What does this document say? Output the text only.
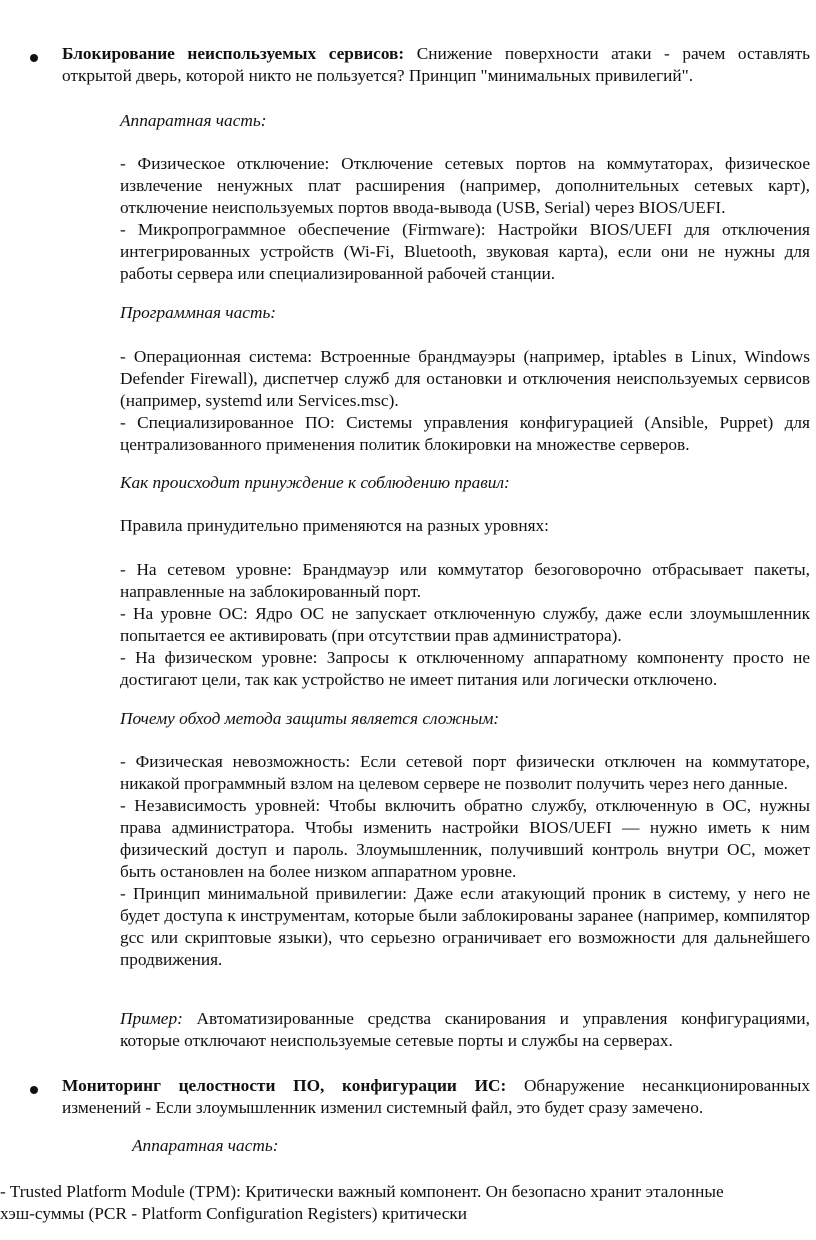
Блокирование неиспользуемых сервисов: Снижение поверхности атаки - рачем оставлять открытой дверь, которой никто не пользуется? Принцип "минимальных привилегий".

Аппаратная часть:

- Физическое отключение: Отключение сетевых портов на коммутаторах, физическое извлечение ненужных плат расширения (например, дополнительных сетевых карт), отключение неиспользуемых портов ввода-вывода (USB, Serial) через BIOS/UEFI.

- Микропрограммное обеспечение (Firmware): Настройки BIOS/UEFI для отключения интегрированных устройств (Wi-Fi, Bluetooth, звуковая карта), если они не нужны для работы сервера или специализированной рабочей станции.

Программная часть:

- Операционная система: Встроенные брандмауэры (например, iptables в Linux, Windows Defender Firewall), диспетчер служб для остановки и отключения неиспользуемых сервисов (например, systemd или Services.msc).

- Специализированное ПО: Системы управления конфигурацией (Ansible, Puppet) для централизованного применения политик блокировки на множестве серверов.

Как происходит принуждение к соблюдению правил:
Правила принудительно применяются на разных уровнях:

- На сетевом уровне: Брандмауэр или коммутатор безоговорочно отбрасывает пакеты, направленные на заблокированный порт.

- На уровне ОС: Ядро ОС не запускает отключенную службу, даже если злоумышленник попытается ее активировать (при отсутствии прав администратора).

- На физическом уровне: Запросы к отключенному аппаратному компоненту просто не достигают цели, так как устройство не имеет питания или логически отключено.

Почему обход метода защиты является сложным:

- Физическая невозможность: Если сетевой порт физически отключен на коммутаторе, никакой программный взлом на целевом сервере не позволит получить через него данные.

- Независимость уровней: Чтобы включить обратно службу, отключенную в ОС, нужны права администратора. Чтобы изменить настройки BIOS/UEFI — нужно иметь к ним физический доступ и пароль. Злоумышленник, получивший контроль внутри ОС, может быть остановлен на более низком аппаратном уровне.

- Принцип минимальной привилегии: Даже если атакующий проник в систему, у него не будет доступа к инструментам, которые были заблокированы заранее (например, компилятор gcc или скриптовые языки), что серьезно ограничивает его возможности для дальнейшего продвижения.

Пример: Автоматизированные средства сканирования и управления конфигурациями, которые отключают неиспользуемые сетевые порты и службы на серверах.

Мониторинг целостности ПО, конфигурации ИС: Обнаружение несанкционированных изменений - Если злоумышленник изменил системный файл, это будет сразу замечено.

Аппаратная часть:

- Trusted Platform Module (TPM): Критически важный компонент. Он безопасно хранит эталонные

хэш-суммы (PCR - Platform Configuration Registers) критически
